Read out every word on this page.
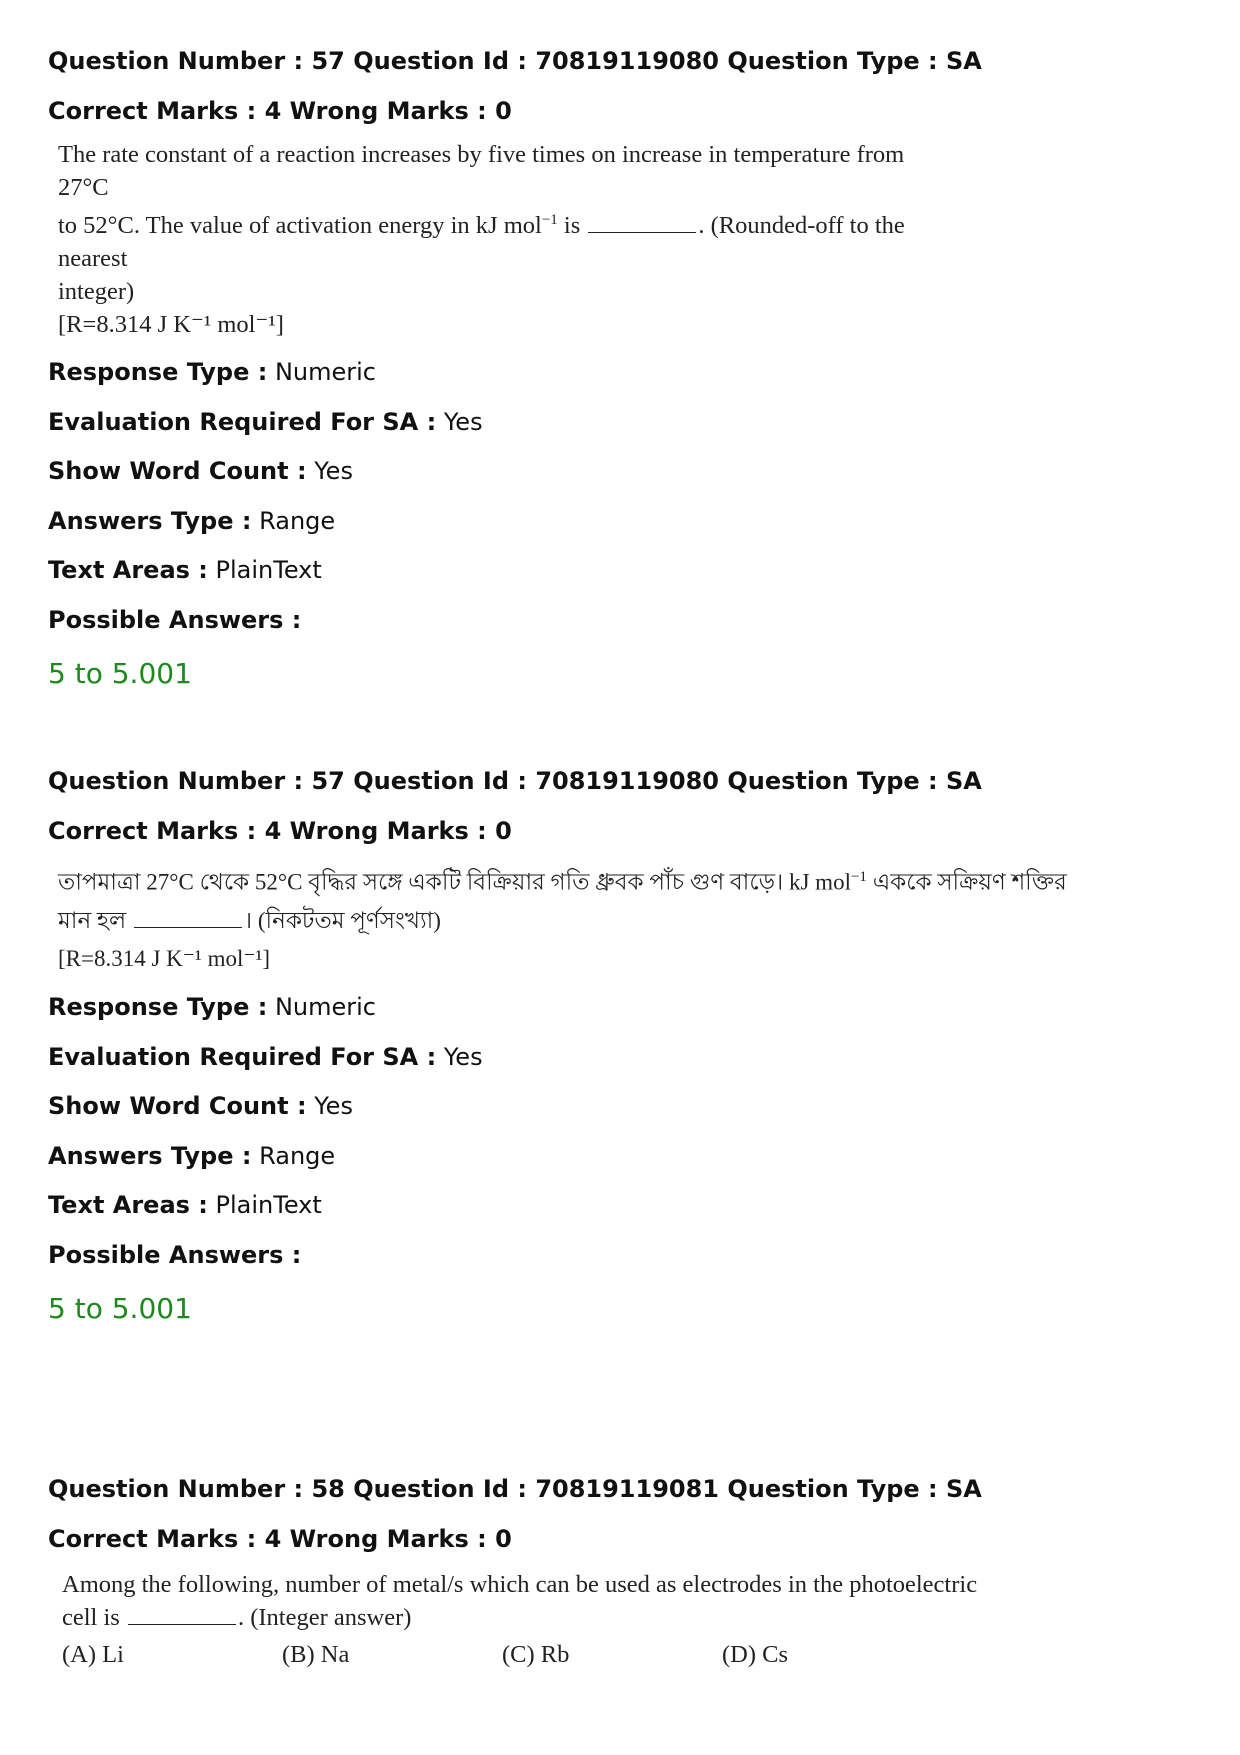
Question Number : 57 Question Id : 70819119080 Question Type : SA

Correct Marks : 4 Wrong Marks : 0

The rate constant of a reaction increases by five times on increase in temperature from 27°C

to 52°C. The value of activation energy in kJ mol$^{-1}$ is	. (Rounded-off to the nearest

integer)

[R=8.314 J K⁻¹ mol⁻¹]

Response Type : Numeric

Evaluation Required For SA : Yes

Show Word Count : Yes

Answers Type : Range

Text Areas : PlainText

Possible Answers :

5 to 5.001

Question Number : 57 Question Id : 70819119080 Question Type : SA

Correct Marks : 4 Wrong Marks : 0

তাপমাত্রা 27°C থেকে 52°C বৃদ্ধির সঙ্গে একটি বিক্রিয়ার গতি ধ্রুবক পাঁচ গুণ বাড়ে। kJ mol$^{-1}$ এককে সক্রিয়ণ শক্তির

মান হল	। (নিকটতম পূর্ণসংখ্যা)

[R=8.314 J K⁻¹ mol⁻¹]

Response Type : Numeric

Evaluation Required For SA : Yes

Show Word Count : Yes

Answers Type : Range

Text Areas : PlainText

Possible Answers :

5 to 5.001

Question Number : 58 Question Id : 70819119081 Question Type : SA

Correct Marks : 4 Wrong Marks : 0

Among the following, number of metal/s which can be used as electrodes in the photoelectric

cell is	. (Integer answer)

(A) Li	(B) Na	(C) Rb	(D) Cs
